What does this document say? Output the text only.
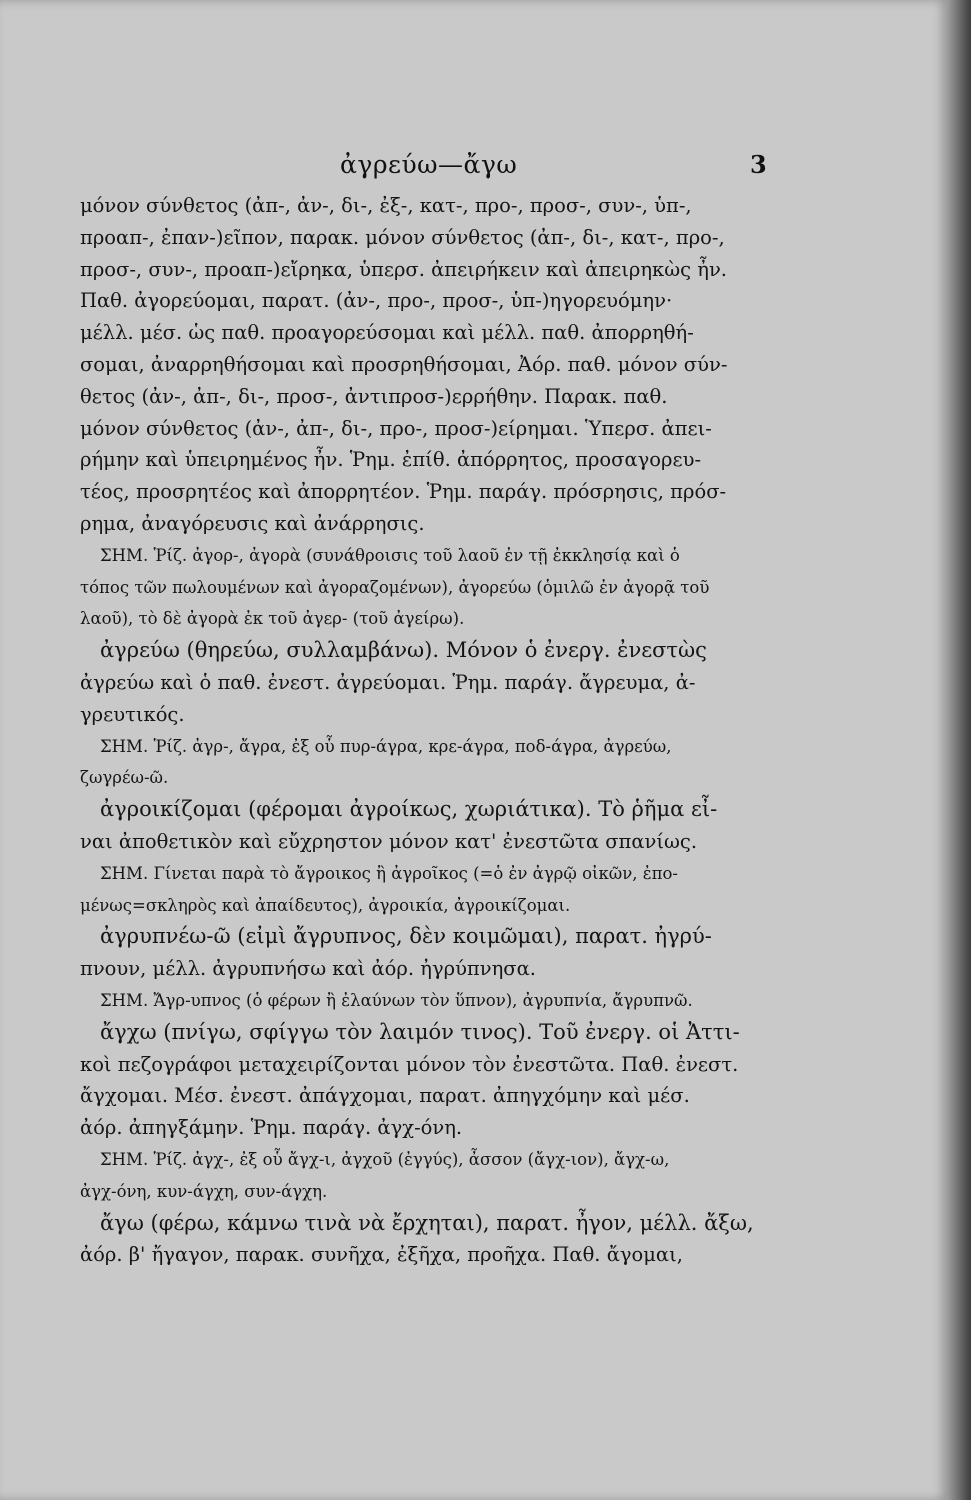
ἀγρεύω—ἄγω	3
μόνον σύνθετος (ἀπ-, ἀν-, δι-, ἐξ-, κατ-, προ-, προσ-, συν-, ὑπ-,
προαπ-, ἐπαν-)εῖπον, παρακ. μόνον σύνθετος (ἀπ-, δι-, κατ-, προ-,
προσ-, συν-, προαπ-)εἴρηκα, ὑπερσ. ἀπειρήκειν καὶ ἀπειρηκὼς ἦν.
Παθ. ἀγορεύομαι, παρατ. (ἀν-, προ-, προσ-, ὑπ-)ηγορευόμην·
μέλλ. μέσ. ὡς παθ. προαγορεύσομαι καὶ μέλλ. παθ. ἀπορρηθή-
σομαι, ἀναρρηθήσομαι καὶ προσρηθήσομαι, Ἀόρ. παθ. μόνον σύν-
θετος (ἀν-, ἀπ-, δι-, προσ-, ἀντιπροσ-)ερρήθην. Παρακ. παθ.
μόνον σύνθετος (ἀν-, ἀπ-, δι-, προ-, προσ-)είρημαι. Ὑπερσ. ἀπει-
ρήμην καὶ ὑπειρημένος ἦν. Ῥημ. ἐπίθ. ἀπόρρητος, προσαγορευ-
τέος, προσρητέος καὶ ἀπορρητέον. Ῥημ. παράγ. πρόσρησις, πρόσ-
ρημα, ἀναγόρευσις καὶ ἀνάρρησις.
ΣΗΜ. Ῥίζ. ἀγορ-, ἀγορὰ (συνάθροισις τοῦ λαοῦ ἐν τῇ ἐκκλησίᾳ καὶ ὁ
τόπος τῶν πωλουμένων καὶ ἀγοραζομένων), ἀγορεύω (ὁμιλῶ ἐν ἀγορᾷ τοῦ
λαοῦ), τὸ δὲ ἀγορὰ ἐκ τοῦ ἀγερ- (τοῦ ἀγείρω).
ἀγρεύω (θηρεύω, συλλαμβάνω). Μόνον ὁ ἐνεργ. ἐνεστὼς
ἀγρεύω καὶ ὁ παθ. ἐνεστ. ἀγρεύομαι. Ῥημ. παράγ. ἄγρευμα, ἀ-
γρευτικός.
ΣΗΜ. Ῥίζ. ἀγρ-, ἄγρα, ἐξ οὗ πυρ-άγρα, κρε-άγρα, ποδ-άγρα, ἀγρεύω,
ζωγρέω-ῶ.
ἀγροικίζομαι (φέρομαι ἀγροίκως, χωριάτικα). Τὸ ῥῆμα εἶ-
ναι ἀποθετικὸν καὶ εὔχρηστον μόνον κατ' ἐνεστῶτα σπανίως.
ΣΗΜ. Γίνεται παρὰ τὸ ἄγροικος ἢ ἀγροῖκος (=ὁ ἐν ἀγρῷ οἰκῶν, ἐπο-
μένως=σκληρὸς καὶ ἀπαίδευτος), ἀγροικία, ἀγροικίζομαι.
ἀγρυπνέω-ῶ (εἰμὶ ἄγρυπνος, δὲν κοιμῶμαι), παρατ. ἠγρύ-
πνουν, μέλλ. ἀγρυπνήσω καὶ ἀόρ. ἠγρύπνησα.
ΣΗΜ. Ἄγρ-υπνος (ὁ φέρων ἢ ἐλαύνων τὸν ὕπνον), ἀγρυπνία, ἄγρυπνῶ.
ἄγχω (πνίγω, σφίγγω τὸν λαιμόν τινος). Τοῦ ἐνεργ. οἱ Ἀττι-
κοὶ πεζογράφοι μεταχειρίζονται μόνον τὸν ἐνεστῶτα. Παθ. ἐνεστ.
ἄγχομαι. Μέσ. ἐνεστ. ἀπάγχομαι, παρατ. ἀπηγχόμην καὶ μέσ.
ἀόρ. ἀπηγξάμην. Ῥημ. παράγ. ἀγχ-όνη.
ΣΗΜ. Ῥίζ. ἀγχ-, ἐξ οὗ ἄγχ-ι, ἀγχοῦ (ἐγγύς), ἆσσον (ἄγχ-ιον), ἄγχ-ω,
ἀγχ-όνη, κυν-άγχη, συν-άγχη.
ἄγω (φέρω, κάμνω τινὰ νὰ ἔρχηται), παρατ. ἦγον, μέλλ. ἄξω,
ἀόρ. β' ἤγαγον, παρακ. συνῆχα, ἐξῆχα, προῆχα. Παθ. ἄγομαι,
